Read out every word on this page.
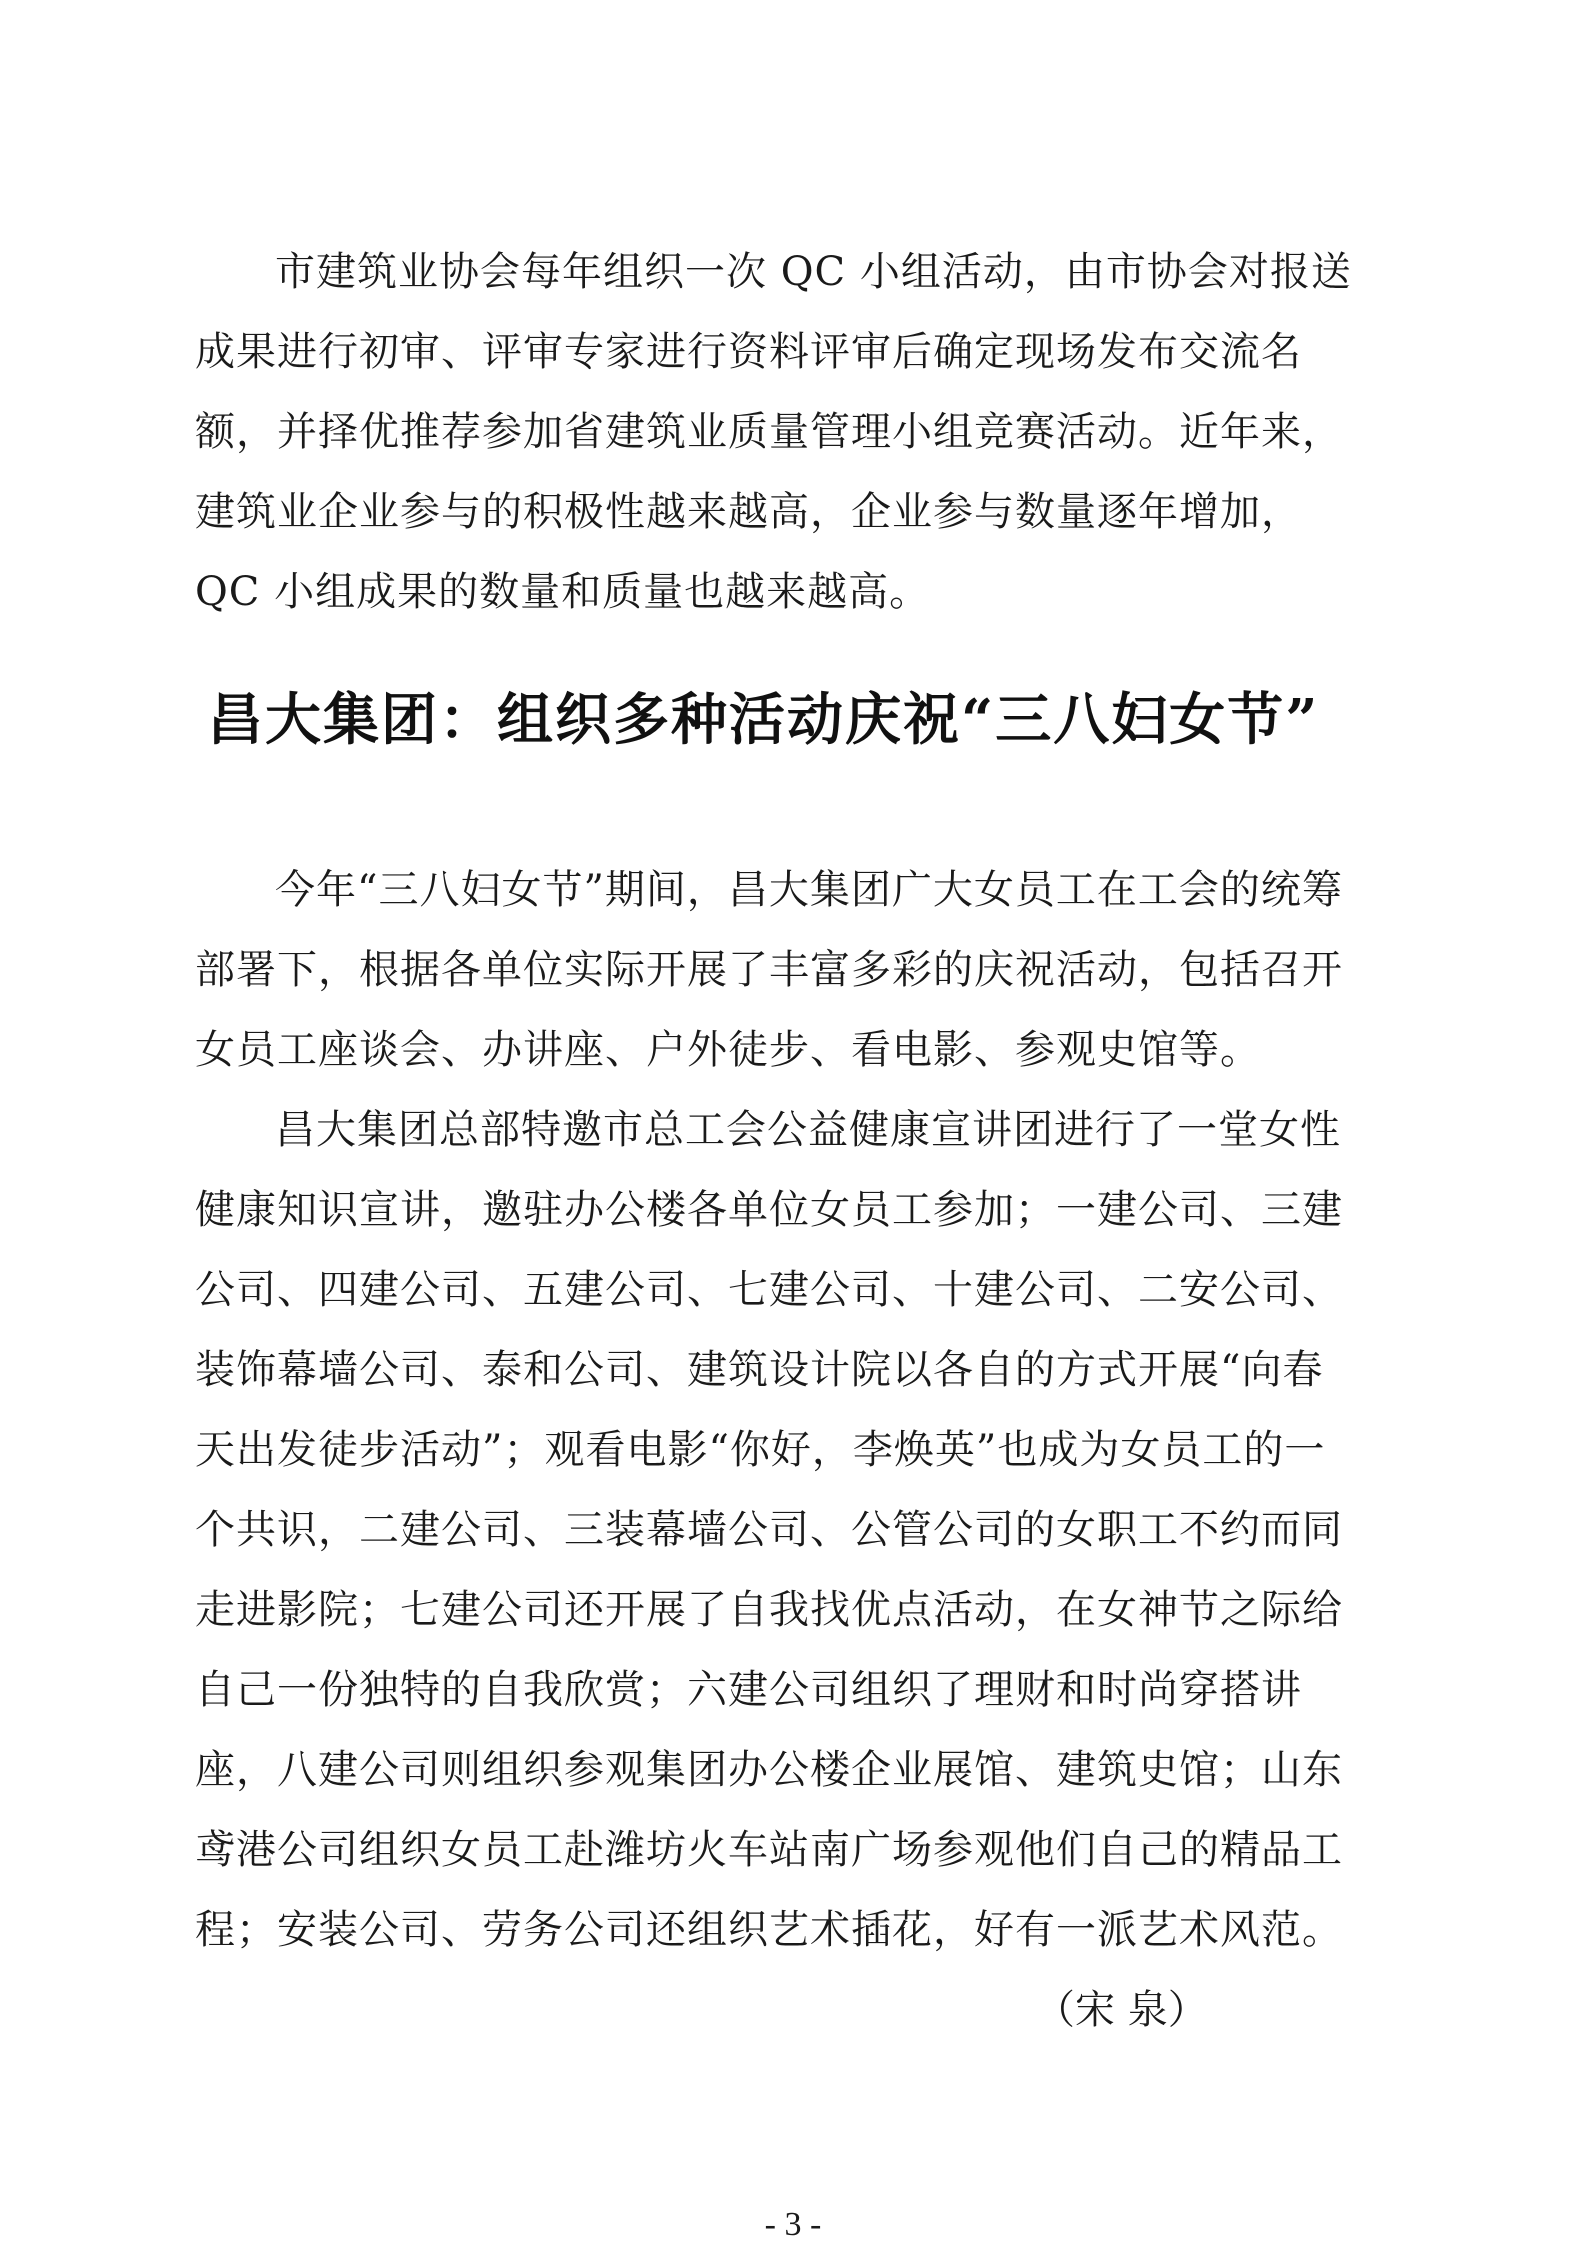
市建筑业协会每年组织一次 QC 小组活动，由市协会对报送
成果进行初审、评审专家进行资料评审后确定现场发布交流名
额，并择优推荐参加省建筑业质量管理小组竞赛活动。近年来，
建筑业企业参与的积极性越来越高，企业参与数量逐年增加，
QC 小组成果的数量和质量也越来越高。
昌大集团：组织多种活动庆祝“三八妇女节”
今年“三八妇女节”期间，昌大集团广大女员工在工会的统筹
部署下，根据各单位实际开展了丰富多彩的庆祝活动，包括召开
女员工座谈会、办讲座、户外徒步、看电影、参观史馆等。
昌大集团总部特邀市总工会公益健康宣讲团进行了一堂女性
健康知识宣讲，邀驻办公楼各单位女员工参加；一建公司、三建
公司、四建公司、五建公司、七建公司、十建公司、二安公司、
装饰幕墙公司、泰和公司、建筑设计院以各自的方式开展“向春
天出发徒步活动”；观看电影“你好，李焕英”也成为女员工的一
个共识，二建公司、三装幕墙公司、公管公司的女职工不约而同
走进影院；七建公司还开展了自我找优点活动，在女神节之际给
自己一份独特的自我欣赏；六建公司组织了理财和时尚穿搭讲
座，八建公司则组织参观集团办公楼企业展馆、建筑史馆；山东
鸢港公司组织女员工赴潍坊火车站南广场参观他们自己的精品工
程；安装公司、劳务公司还组织艺术插花，好有一派艺术风范。
（宋 泉）
- 3 -
